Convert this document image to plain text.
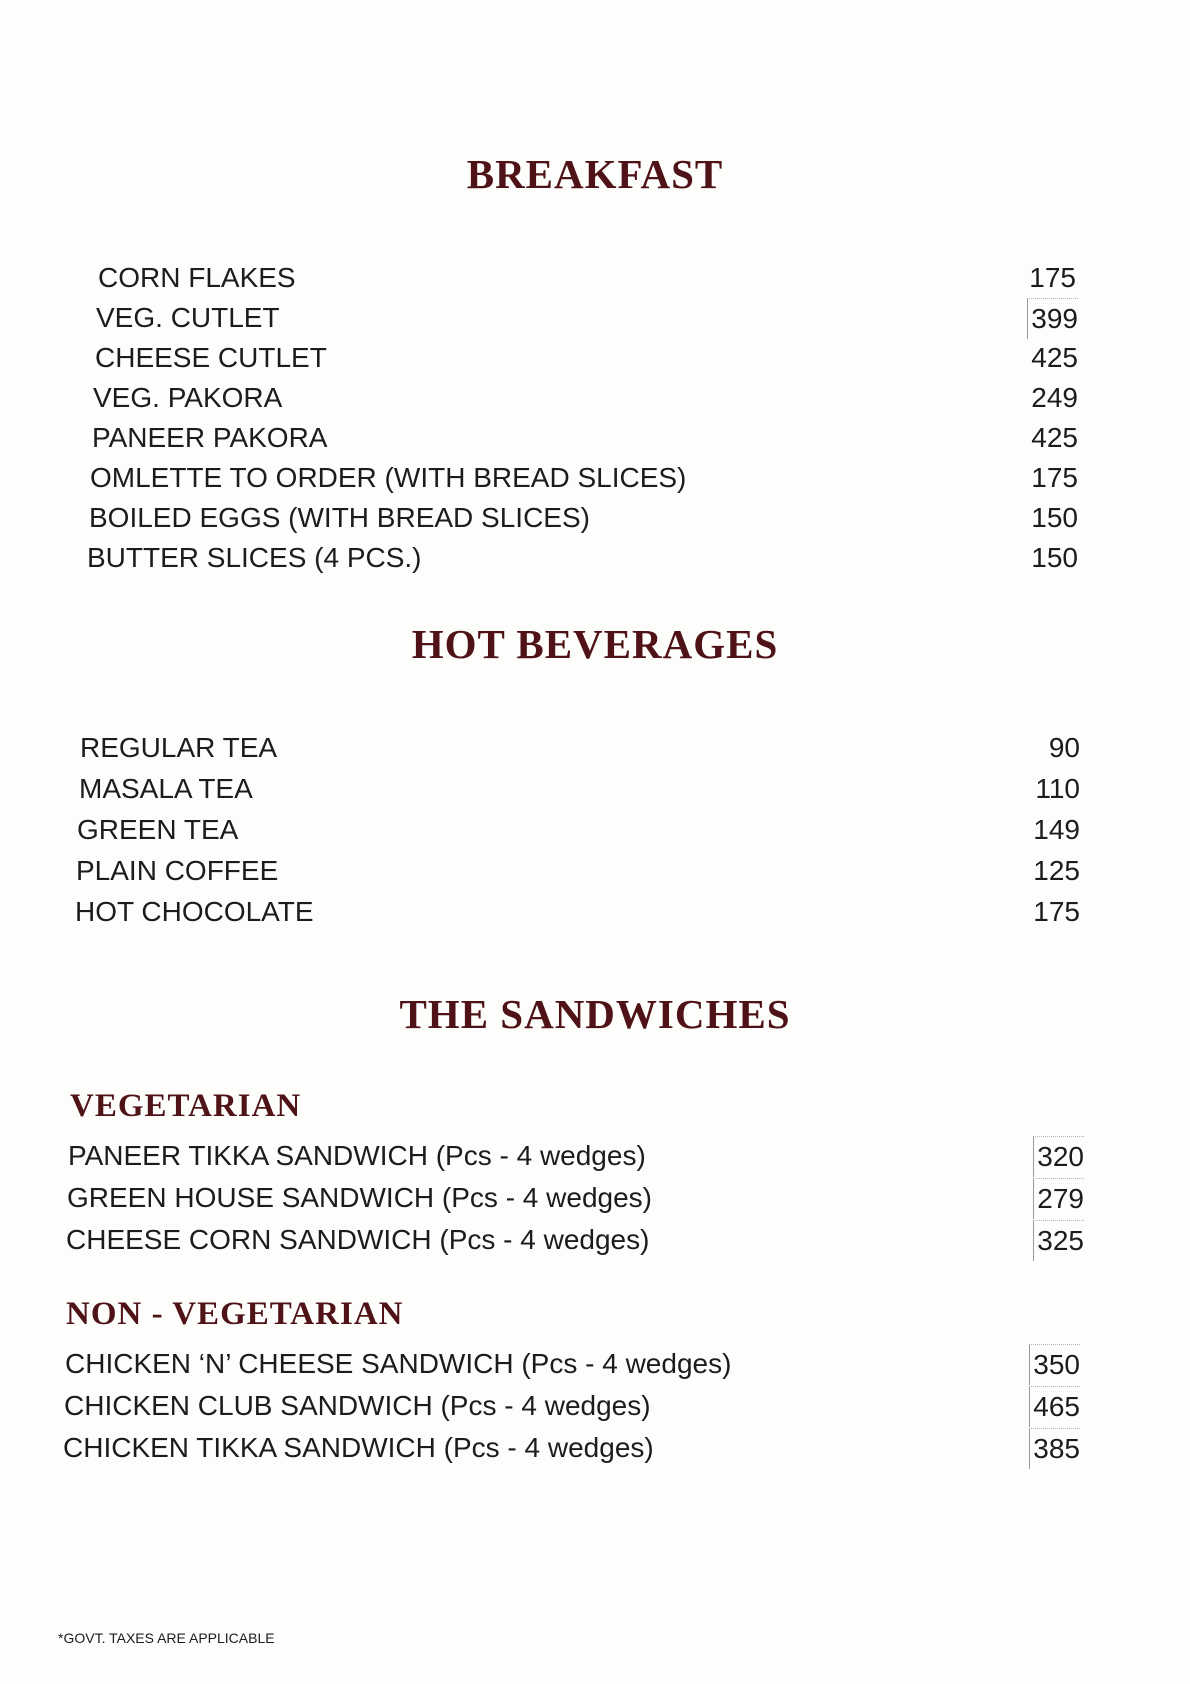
BREAKFAST
CORN FLAKES	175
VEG. CUTLET	399
CHEESE CUTLET	425
VEG. PAKORA	249
PANEER PAKORA	425
OMLETTE TO ORDER (WITH BREAD SLICES)	175
BOILED EGGS (WITH BREAD SLICES)	150
BUTTER SLICES (4 PCS.)	150
HOT BEVERAGES
REGULAR TEA	90
MASALA TEA	110
GREEN TEA	149
PLAIN COFFEE	125
HOT CHOCOLATE	175
THE SANDWICHES
VEGETARIAN
PANEER TIKKA SANDWICH (Pcs - 4 wedges)	320
GREEN HOUSE SANDWICH (Pcs - 4 wedges)	279
CHEESE CORN SANDWICH (Pcs - 4 wedges)	325
NON - VEGETARIAN
CHICKEN ‘N’ CHEESE SANDWICH (Pcs - 4 wedges)	350
CHICKEN CLUB SANDWICH (Pcs - 4 wedges)	465
CHICKEN TIKKA SANDWICH (Pcs - 4 wedges)	385

*GOVT. TAXES ARE APPLICABLE
